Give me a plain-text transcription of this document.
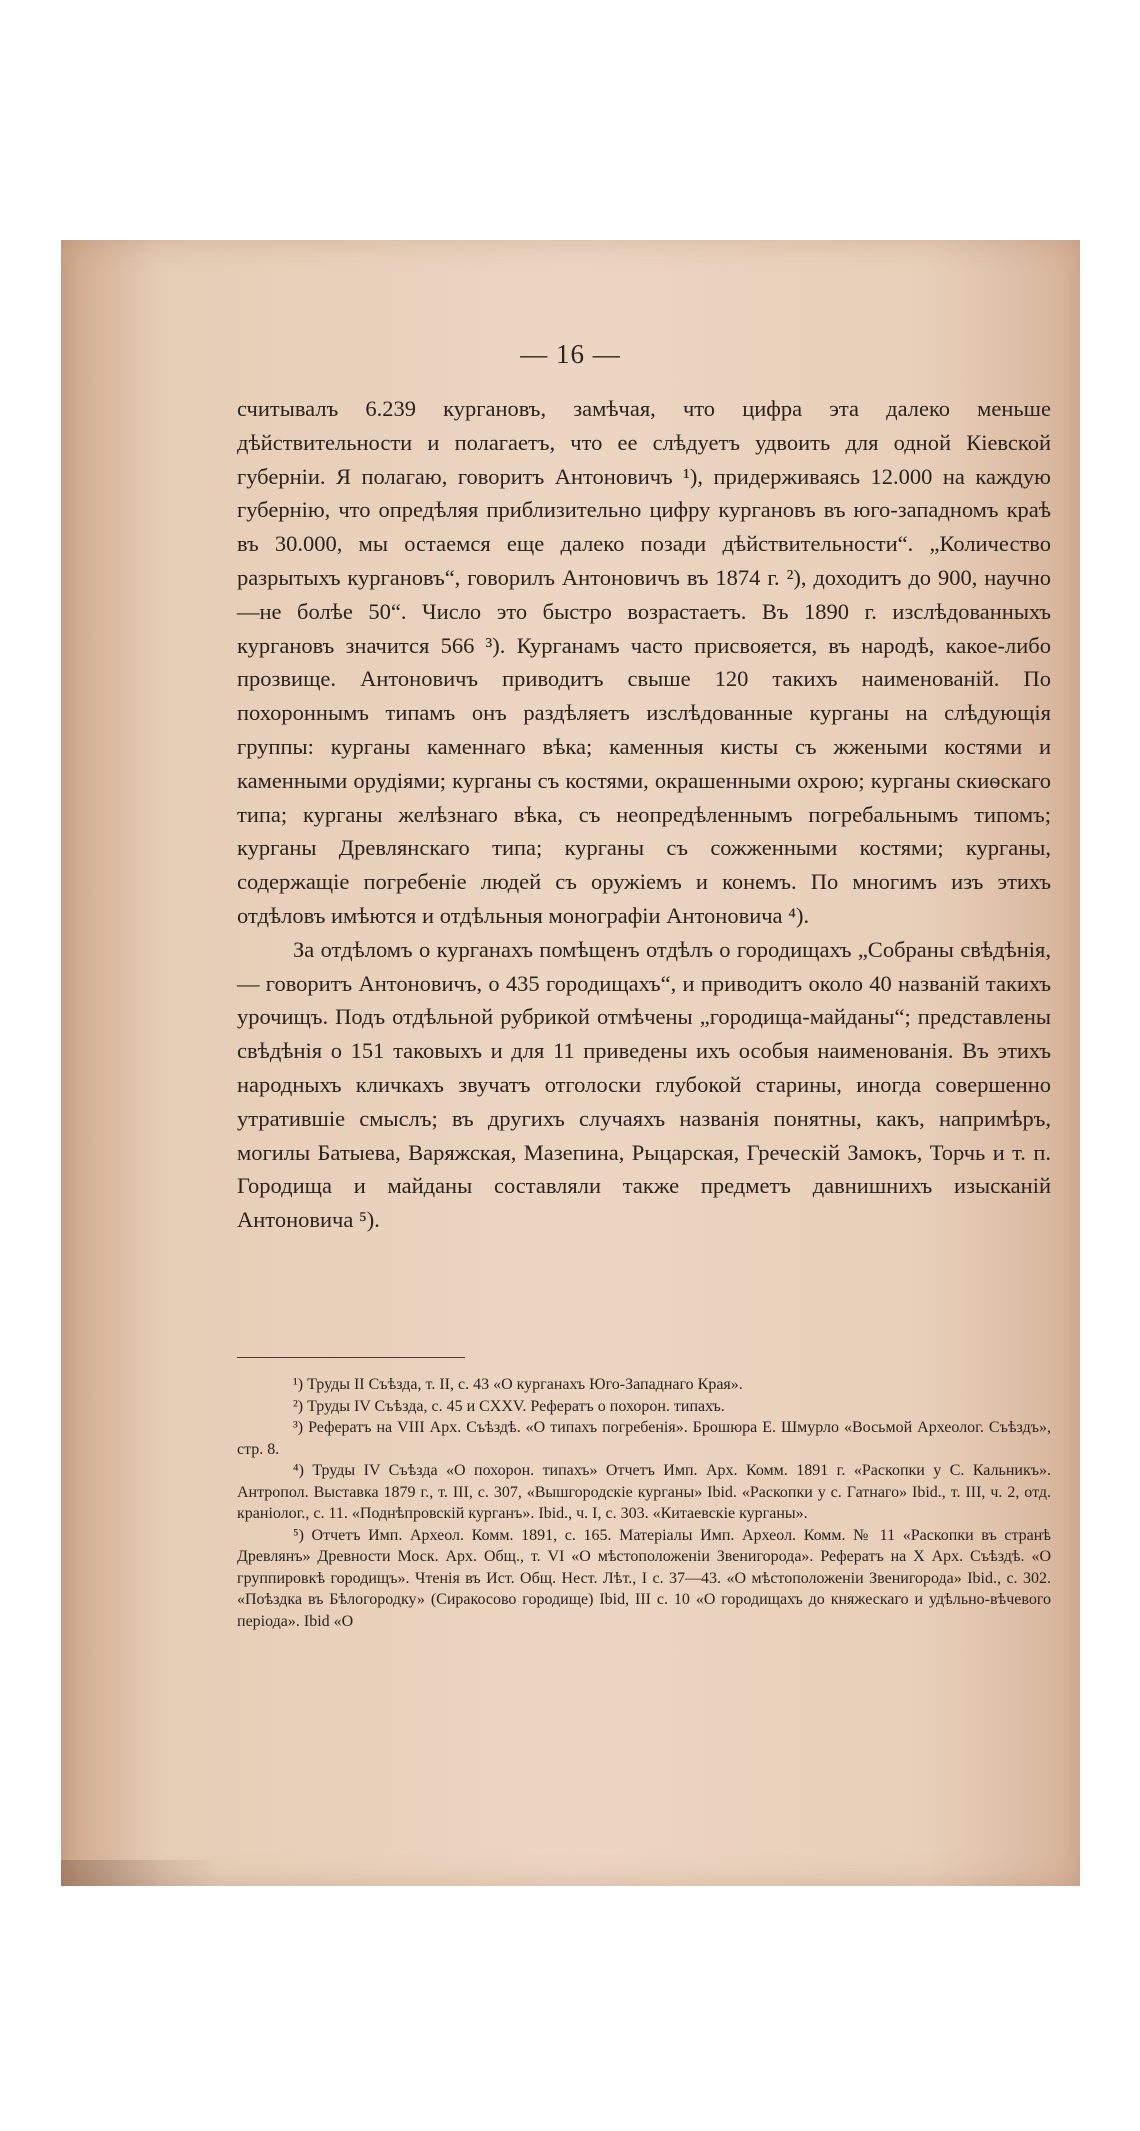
— 16 —

считывалъ 6.239 кургановъ, замѣчая, что цифра эта далеко меньше дѣйствительности и полагаетъ, что ее слѣдуетъ удвоить для одной Кіевской губерніи. Я полагаю, говоритъ Антоновичъ ¹), придерживаясь 12.000 на каждую губернію, что опредѣляя приблизительно цифру кургановъ въ юго-западномъ краѣ въ 30.000, мы остаемся еще далеко позади дѣйствительности“. „Количество разрытыхъ кургановъ“, говорилъ Антоновичъ въ 1874 г. ²), доходитъ до 900, научно—не болѣе 50“. Число это быстро возрастаетъ. Въ 1890 г. изслѣдованныхъ кургановъ значится 566 ³). Курганамъ часто присвояется, въ народѣ, какое-либо прозвище. Антоновичъ приводитъ свыше 120 такихъ наименованій. По похороннымъ типамъ онъ раздѣляетъ изслѣдованные курганы на слѣдующія группы: курганы каменнаго вѣка; каменныя кисты съ жжеными костями и каменными орудіями; курганы съ костями, окрашенными охрою; курганы скиѳскаго типа; курганы желѣзнаго вѣка, съ неопредѣленнымъ погребальнымъ типомъ; курганы Древлянскаго типа; курганы съ сожженными костями; курганы, содержащіе погребеніе людей съ оружіемъ и конемъ. По многимъ изъ этихъ отдѣловъ имѣются и отдѣльныя монографіи Антоновича ⁴).

За отдѣломъ о курганахъ помѣщенъ отдѣлъ о городищахъ „Собраны свѣдѣнія, — говоритъ Антоновичъ, о 435 городищахъ“, и приводитъ около 40 названій такихъ урочищъ. Подъ отдѣльной рубрикой отмѣчены „городища-майданы“; представлены свѣдѣнія о 151 таковыхъ и для 11 приведены ихъ особыя наименованія. Въ этихъ народныхъ кличкахъ звучатъ отголоски глубокой старины, иногда совершенно утратившіе смыслъ; въ другихъ случаяхъ названія понятны, какъ, напримѣръ, могилы Батыева, Варяжская, Мазепина, Рыцарская, Греческій Замокъ, Торчь и т. п. Городища и майданы составляли также предметъ давнишнихъ изысканій Антоновича ⁵).

¹) Труды II Съѣзда, т. II, с. 43 «О курганахъ Юго-Западнаго Края».

²) Труды IV Съѣзда, с. 45 и CXXV. Рефератъ о похорон. типахъ.

³) Рефератъ на VIII Арх. Съѣздѣ. «О типахъ погребенія». Брошюра Е. Шмурло «Восьмой Археолог. Съѣздъ», стр. 8.

⁴) Труды IV Съѣзда «О похорон. типахъ» Отчетъ Имп. Арх. Комм. 1891 г. «Раскопки у С. Кальникъ». Антропол. Выставка 1879 г., т. III, с. 307, «Вышгородскіе курганы» Ibid. «Раскопки у с. Гатнаго» Ibid., т. III, ч. 2, отд. краніолог., с. 11. «Поднѣпровскій курганъ». Ibid., ч. I, с. 303. «Китаевскіе курганы».

⁵) Отчетъ Имп. Археол. Комм. 1891, с. 165. Матеріалы Имп. Археол. Комм. № 11 «Раскопки въ странѣ Древлянъ» Древности Моск. Арх. Общ., т. VI «О мѣстоположеніи Звенигорода». Рефератъ на X Арх. Съѣздѣ. «О группировкѣ городищъ». Чтенія въ Ист. Общ. Нест. Лѣт., I с. 37—43. «О мѣстоположеніи Звенигорода» Ibid., с. 302. «Поѣздка въ Бѣлогородку» (Сиракосово городище) Ibid, III с. 10 «О городищахъ до княжескаго и удѣльно-вѣчевого періода». Ibid «О
